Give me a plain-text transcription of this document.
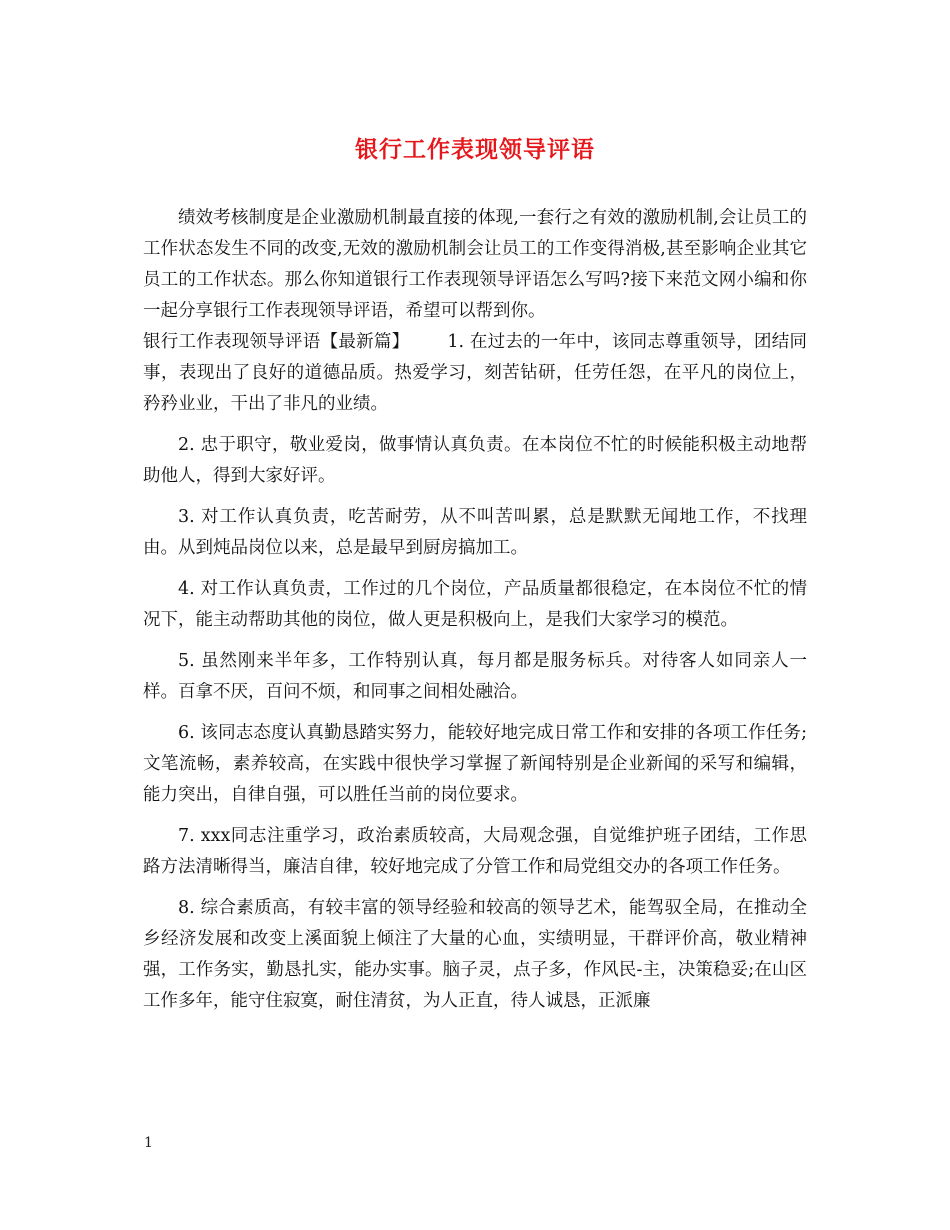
银行工作表现领导评语

绩效考核制度是企业激励机制最直接的体现,一套行之有效的激励机制,会让员工的工作状态发生不同的改变,无效的激励机制会让员工的工作变得消极,甚至影响企业其它员工的工作状态。那么你知道银行工作表现领导评语怎么写吗?接下来范文网小编和你一起分享银行工作表现领导评语，希望可以帮到你。

银行工作表现领导评语【最新篇】 1. 在过去的一年中，该同志尊重领导，团结同事，表现出了良好的道德品质。热爱学习，刻苦钻研，任劳任怨，在平凡的岗位上，矜矜业业，干出了非凡的业绩。

2. 忠于职守，敬业爱岗，做事情认真负责。在本岗位不忙的时候能积极主动地帮助他人，得到大家好评。

3. 对工作认真负责，吃苦耐劳，从不叫苦叫累，总是默默无闻地工作，不找理由。从到炖品岗位以来，总是最早到厨房搞加工。

4. 对工作认真负责，工作过的几个岗位，产品质量都很稳定，在本岗位不忙的情况下，能主动帮助其他的岗位，做人更是积极向上，是我们大家学习的模范。

5. 虽然刚来半年多，工作特别认真，每月都是服务标兵。对待客人如同亲人一样。百拿不厌，百问不烦，和同事之间相处融洽。

6. 该同志态度认真勤恳踏实努力，能较好地完成日常工作和安排的各项工作任务;文笔流畅，素养较高，在实践中很快学习掌握了新闻特别是企业新闻的采写和编辑，能力突出，自律自强，可以胜任当前的岗位要求。

7. xxx同志注重学习，政治素质较高，大局观念强，自觉维护班子团结，工作思路方法清晰得当，廉洁自律，较好地完成了分管工作和局党组交办的各项工作任务。

8. 综合素质高，有较丰富的领导经验和较高的领导艺术，能驾驭全局，在推动全乡经济发展和改变上溪面貌上倾注了大量的心血，实绩明显，干群评价高，敬业精神强，工作务实，勤恳扎实，能办实事。脑子灵，点子多，作风民-主，决策稳妥;在山区工作多年，能守住寂寞，耐住清贫，为人正直，待人诚恳，正派廉

1
